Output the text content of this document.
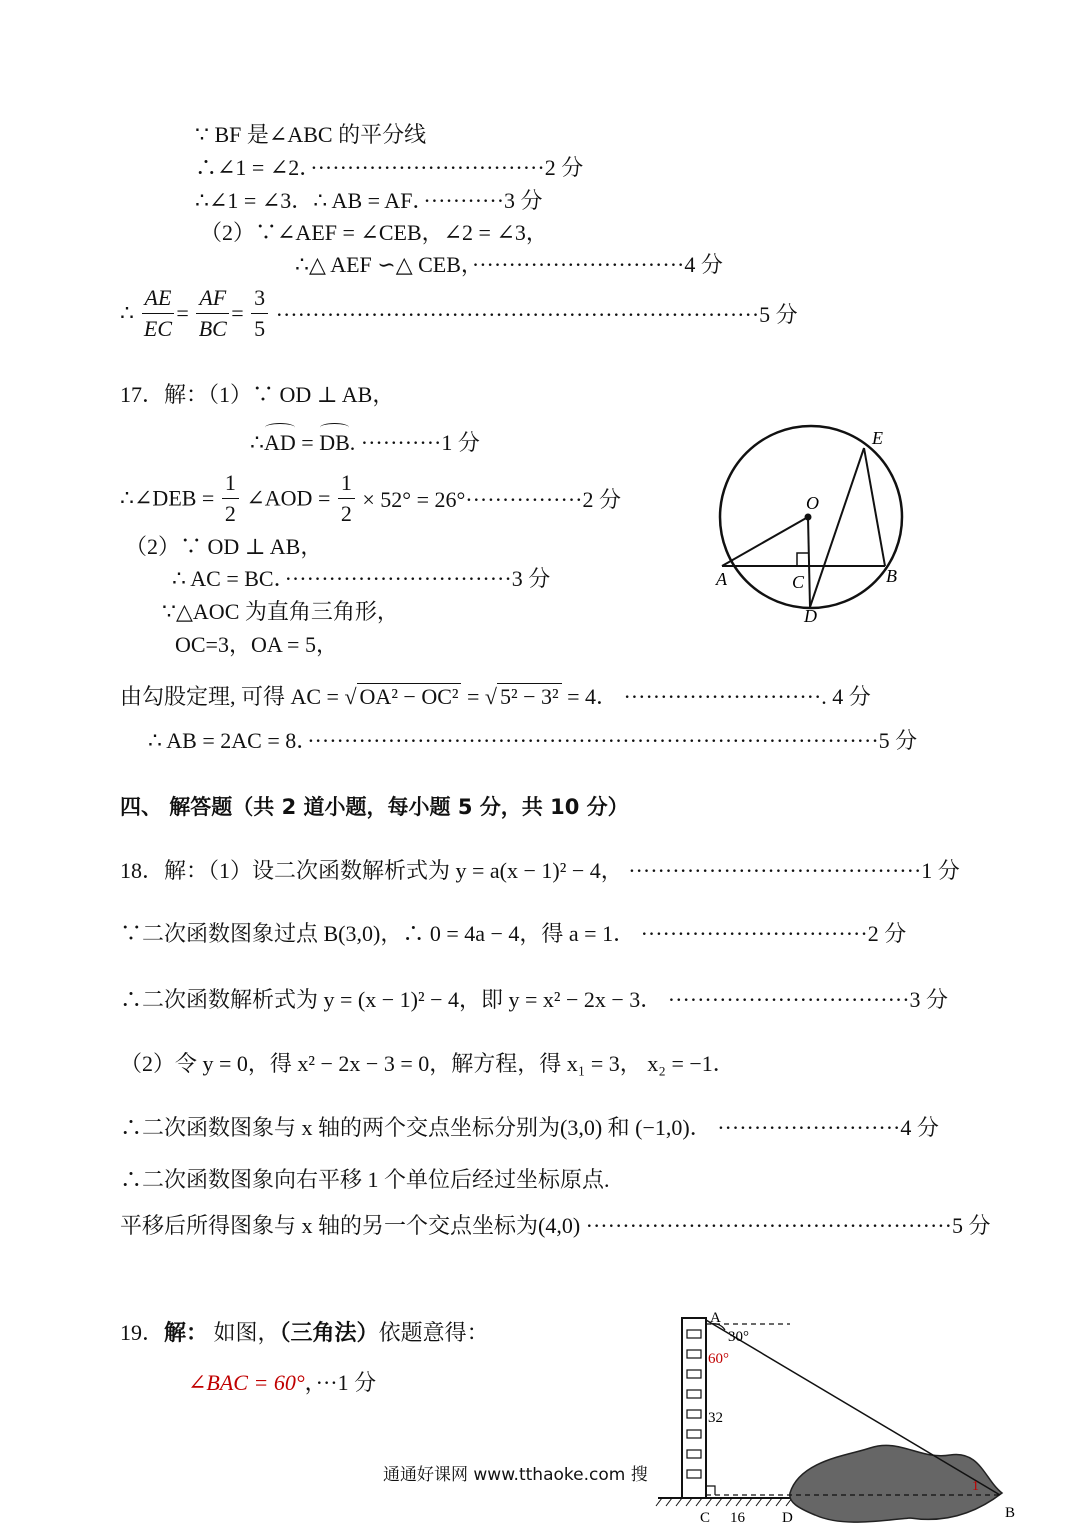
∵ BF 是∠ABC 的平分线
∴∠1 = ∠2．································2 分
∴∠1 = ∠3．∴ AB = AF．···········3 分
（2）∵∠AEF = ∠CEB，∠2 = ∠3，
∴△ AEF ∽△ CEB，·····························4 分
∴ $\frac{AE}{EC} = \frac{AF}{BC} = \frac{3}{5} \cdot\cdot\cdot\cdot\cdot\cdot\cdot\cdot\cdot\cdot\cdot\cdot\cdot\cdot\cdot\cdot\cdot\cdot\cdot\cdot\cdot\cdot\cdot\cdot\cdot\cdot\cdot\cdot\cdot\cdot\cdot\cdot\cdot\cdot\cdot\cdot\cdot\cdot\cdot\cdot\cdot\cdot\cdot\cdot\cdot\cdot\cdot\cdot\cdot\cdot\cdot\cdot\cdot\cdot\cdot\cdot\cdot\cdot\cdot\cdot\cdot\cdot\cdot\cdot\cdot\cdot 5$ 分
17．解：（1）∵ OD ⊥ AB，
∴AD = DB. ···········1 分
∴∠DEB = $\frac{1}{2}$ ∠AOD = $\frac{1}{2} \times 52^\circ = 26^\circ\cdot\cdot\cdot\cdot\cdot\cdot\cdot\cdot\cdot\cdot\cdot\cdot\cdot\cdot\cdot\cdot 2$ 分
（2）∵ OD ⊥ AB，
∴ AC = BC．·······························3 分
∵△AOC 为直角三角形，
OC=3，OA = 5，
由勾股定理, 可得 AC = √ OA² − OC² = √ 5² − 3² = 4． ···························. 4 分
∴ AB = 2AC = 8．··············································································5 分
E
O
A	C	B
D
四、 解答题（共 2 道小题，每小题 5 分，共 10 分）
18．解：（1）设二次函数解析式为 y = a(x − 1)² − 4， ········································1 分
∵二次函数图象过点 B(3,0)，∴ 0 = 4a − 4，得 a = 1． ·······························2 分
∴二次函数解析式为 y = (x − 1)² − 4，即 y = x² − 2x − 3． ·································3 分
（2）令 y = 0，得 x² − 2x − 3 = 0，解方程，得 x₁ = 3， x₂ = −1．
∴二次函数图象与 x 轴的两个交点坐标分别为(3,0) 和 (−1,0)． ·························4 分
∴二次函数图象向右平移 1 个单位后经过坐标原点.
平移后所得图象与 x 轴的另一个交点坐标为(4,0) ··················································5 分
19．解： 如图，（三角法）依题意得：
∠BAC = 60°，···1 分
A
30°
60°
32
C 16 D
1
B
通通好课网 www.tthaoke.com 搜
